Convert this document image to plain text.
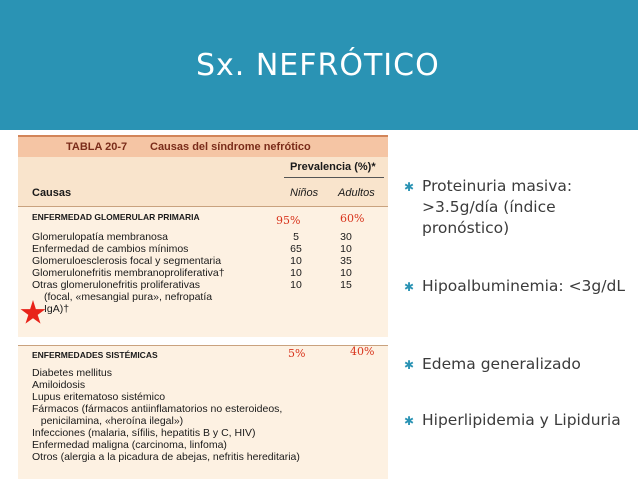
Sx. NEFRÓTICO
TABLA 20-7 Causas del síndrome nefrótico
Prevalencia (%)*
Causas	Niños Adultos
ENFERMEDAD GLOMERULAR PRIMARIA	95%	60%
Glomerulopatía membranosa	5	30
Enfermedad de cambios mínimos	65	10
Glomeruloesclerosis focal y segmentaria	10	35
Glomerulonefritis membranoproliferativa†	10	10
Otras glomerulonefritis proliferativas	10	15
(focal, «mesangial pura», nefropatía
IgA)†
ENFERMEDADES SISTÉMICAS	5%	40%
Diabetes mellitus
Amiloidosis
Lupus eritematoso sistémico
Fármacos (fármacos antiinflamatorios no esteroideos,
penicilamina, «heroína ilegal»)
Infecciones (malaria, sífilis, hepatitis B y C, HIV)
Enfermedad maligna (carcinoma, linfoma)
Otros (alergia a la picadura de abejas, nefritis hereditaria)
✱ Proteinuria masiva: >3.5g/día (índice pronóstico)
✱ Hipoalbuminemia: <3g/dL
✱ Edema generalizado
✱ Hiperlipidemia y Lipiduria
